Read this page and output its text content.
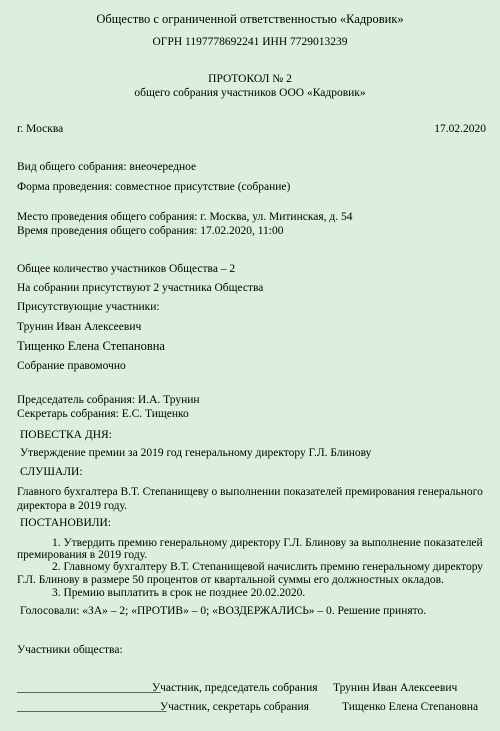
Общество с ограниченной ответственностью «Кадровик»
ОГРН 1197778692241 ИНН 7729013239
ПРОТОКОЛ № 2
общего собрания участников ООО «Кадровик»
г. Москва	17.02.2020
Вид общего собрания: внеочередное
Форма проведения: совместное присутствие (собрание)
Место проведения общего собрания: г. Москва, ул. Митинская, д. 54
Время проведения общего собрания: 17.02.2020, 11:00
Общее количество участников Общества – 2
На собрании присутствуют 2 участника Общества
Присутствующие участники:
Трунин Иван Алексеевич
Тищенко Елена Степановна
Собрание правомочно
Председатель собрания: И.А. Трунин
Секретарь собрания: Е.С. Тищенко
ПОВЕСТКА ДНЯ:
Утверждение премии за 2019 год генеральному директору Г.Л. Блинову
СЛУШАЛИ:
Главного бухгалтера В.Т. Степанищеву о выполнении показателей премирования генерального
директора в 2019 году.
ПОСТАНОВИЛИ:
1. Утвердить премию генеральному директору Г.Л. Блинову за выполнение показателей
премирования в 2019 году.
2. Главному бухгалтеру В.Т. Степанищевой начислить премию генеральному директору
Г.Л. Блинову в размере 50 процентов от квартальной суммы его должностных окладов.
3. Премию выплатить в срок не позднее 20.02.2020.
Голосовали: «ЗА» – 2; «ПРОТИВ» – 0; «ВОЗДЕРЖАЛИСЬ» – 0. Решение принято.
Участники общества:
_________________________
Участник, председатель собрания Трунин Иван Алексеевич
__________________________
Участник, секретарь собрания	Тищенко Елена Степановна
